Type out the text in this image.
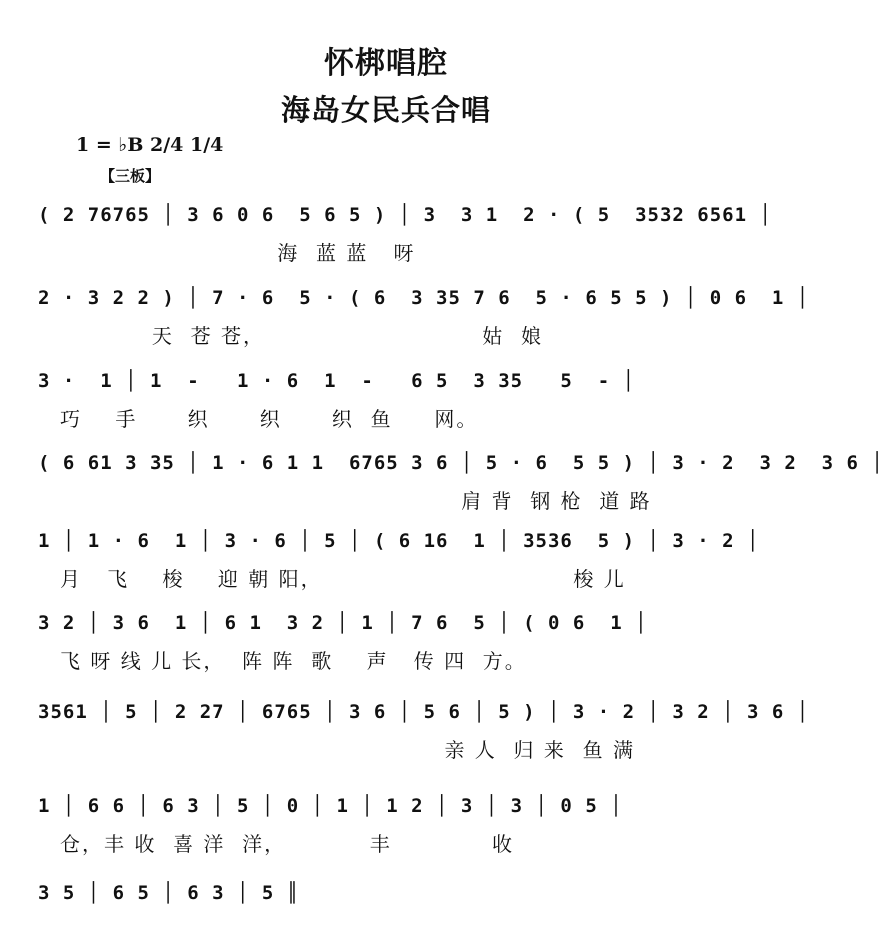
怀梆唱腔
海岛女民兵合唱
1 = ♭B 2/4 1/4
【三板】
( 2 76765 │ 3 6 0 6  5 6 5 ) │ 3  3 1  2 · ( 5  3532 6561 │
海  蓝 蓝   呀
2 · 3 2 2 ) │ 7 · 6  5 · ( 6  3 35 7 6  5 · 6 5 5 ) │ 0 6  1 │
天  苍 苍，                          姑  娘
3 ·  1 │ 1  -   1 · 6  1  -   6 5  3 35   5  - │
巧    手      织      织      织  鱼     网。
( 6 61 3 35 │ 1 · 6 1 1  6765 3 6 │ 5 · 6  5 5 ) │ 3 · 2  3 2  3 6 │
肩 背  钢 枪  道 路
1 │ 1 · 6  1 │ 3 · 6 │ 5 │ ( 6 16  1 │ 3536  5 ) │ 3 · 2 │
月   飞    梭    迎 朝 阳，                              梭 儿
3 2 │ 3 6  1 │ 6 1  3 2 │ 1 │ 7 6  5 │ ( 0 6  1 │
飞 呀 线 儿 长，  阵 阵  歌    声   传 四  方。
3561 │ 5 │ 2 27 │ 6765 │ 3 6 │ 5 6 │ 5 ) │ 3 · 2 │ 3 2 │ 3 6 │
亲 人  归 来  鱼 满
1 │ 6 6 │ 6 3 │ 5 │ 0 │ 1 │ 1 2 │ 3 │ 3 │ 0 5 │
仓，丰 收  喜 洋  洋，          丰            收
3 5 │ 6 5 │ 6 3 │ 5 ║
